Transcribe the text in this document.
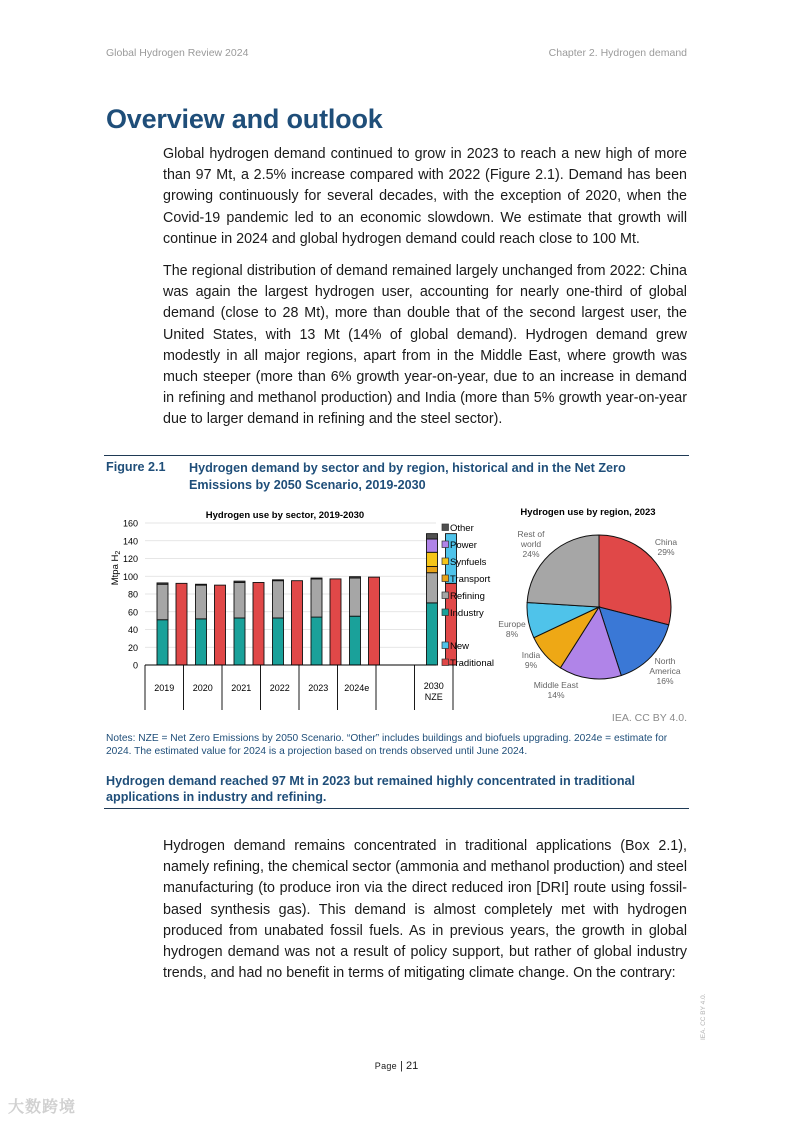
Global Hydrogen Review 2024	Chapter 2. Hydrogen demand
Overview and outlook

Global hydrogen demand continued to grow in 2023 to reach a new high of more than 97 Mt, a 2.5% increase compared with 2022 (Figure 2.1). Demand has been growing continuously for several decades, with the exception of 2020, when the Covid-19 pandemic led to an economic slowdown. We estimate that growth will continue in 2024 and global hydrogen demand could reach close to 100 Mt.

The regional distribution of demand remained largely unchanged from 2022: China was again the largest hydrogen user, accounting for nearly one-third of global demand (close to 28 Mt), more than double that of the second largest user, the United States, with 13 Mt (14% of global demand). Hydrogen demand grew modestly in all major regions, apart from in the Middle East, where growth was much steeper (more than 6% growth year-on-year, due to an increase in demand in refining and methanol production) and India (more than 5% growth year-on-year due to larger demand in refining and the steel sector).

Figure 2.1 Hydrogen demand by sector and by region, historical and in the Net Zero Emissions by 2050 Scenario, 2019-2030
Hydrogen use by sector, 2019-2030
Mtpa $H_2$
0
20
40
60
80
100
120
140
160
2019 2020 2021 2022 2023 2024e	2030
NZE
Other
Power
Synfuels
Transport
Refining
Industry
New
Traditional
Hydrogen use by region, 2023
China
29%
North
America
16%
Middle East
14%
India
9%
Europe
8%
Rest of
world
24%
IEA. CC BY 4.0.
Notes: NZE = Net Zero Emissions by 2050 Scenario. “Other” includes buildings and biofuels upgrading. 2024e = estimate for 2024. The estimated value for 2024 is a projection based on trends observed until June 2024.
Hydrogen demand reached 97 Mt in 2023 but remained highly concentrated in traditional applications in industry and refining.

Hydrogen demand remains concentrated in traditional applications (Box 2.1), namely refining, the chemical sector (ammonia and methanol production) and steel manufacturing (to produce iron via the direct reduced iron [DRI] route using fossil-based synthesis gas). This demand is almost completely met with hydrogen produced from unabated fossil fuels. As in previous years, the growth in global hydrogen demand was not a result of policy support, but rather of global industry trends, and had no benefit in terms of mitigating climate change. On the contrary:

Page | 21
IEA. CC BY 4.0.
大数跨境
